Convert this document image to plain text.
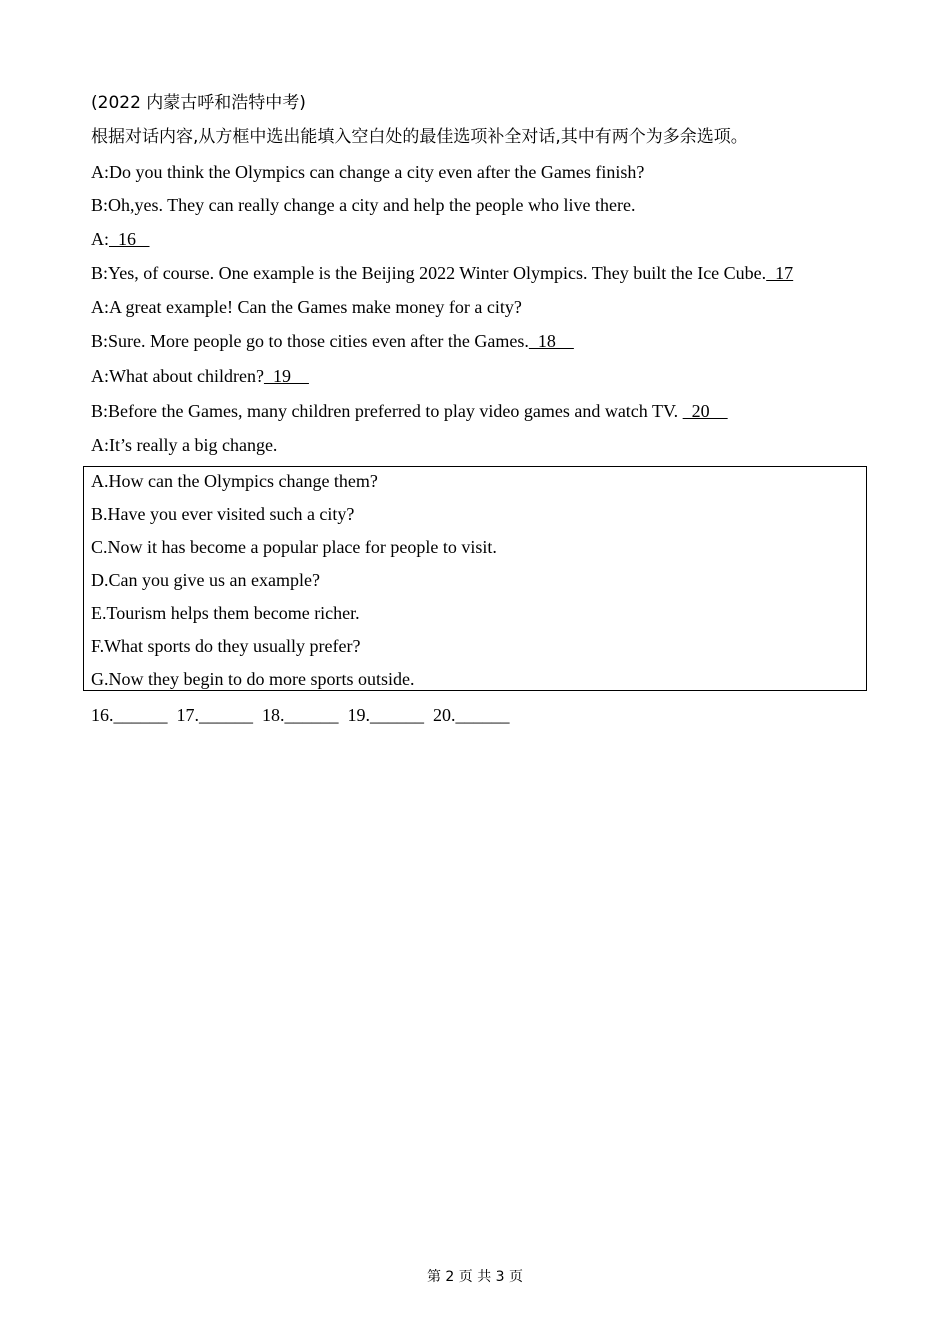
(2022 内蒙古呼和浩特中考)
根据对话内容,从方框中选出能填入空白处的最佳选项补全对话,其中有两个为多余选项。
A:Do you think the Olympics can change a city even after the Games finish?
B:Oh,yes. They can really change a city and help the people who live there.
A:  16
B:Yes, of course. One example is the Beijing 2022 Winter Olympics. They built the Ice Cube.  17
A:A great example! Can the Games make money for a city?
B:Sure. More people go to those cities even after the Games.  18
A:What about children?  19
B:Before the Games, many children preferred to play video games and watch TV.   20
A:It’s really a big change.
A.How can the Olympics change them?
B.Have you ever visited such a city?
C.Now it has become a popular place for people to visit.
D.Can you give us an example?
E.Tourism helps them become richer.
F.What sports do they usually prefer?
G.Now they begin to do more sports outside.
16.______  17.______  18.______  19.______  20.______
第 2 页 共 3 页
